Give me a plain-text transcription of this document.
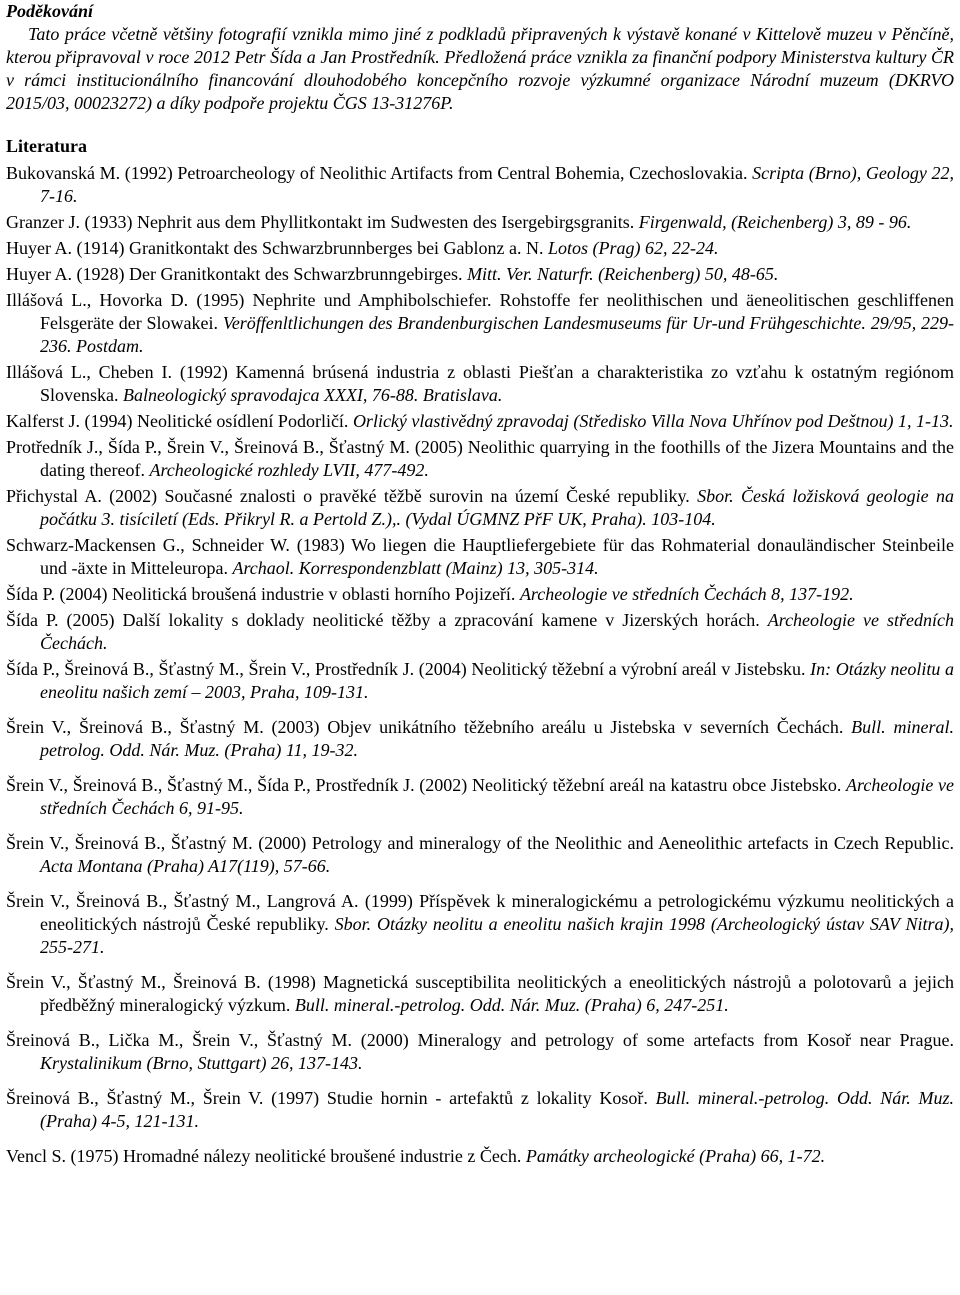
Poděkování

Tato práce včetně většiny fotografií vznikla mimo jiné z podkladů připravených k výstavě konané v Kittelově muzeu v Pěnčíně, kterou připravoval v roce 2012 Petr Šída a Jan Prostředník. Předložená práce vznikla za finanční podpory Ministerstva kultury ČR v rámci institucionálního financování dlouhodobého koncepčního rozvoje výzkumné organizace Národní muzeum (DKRVO 2015/03, 00023272) a díky podpoře projektu ČGS 13-31276P.

Literatura

Bukovanská M. (1992) Petroarcheology of Neolithic Artifacts from Central Bohemia, Czechoslovakia. Scripta (Brno), Geology 22, 7-16.
Granzer J. (1933) Nephrit aus dem Phyllitkontakt im Sudwesten des Isergebirgsgranits. Firgenwald, (Reichenberg) 3, 89 - 96.
Huyer A. (1914) Granitkontakt des Schwarzbrunnberges bei Gablonz a. N. Lotos (Prag) 62, 22-24.
Huyer A. (1928) Der Granitkontakt des Schwarzbrunngebirges. Mitt. Ver. Naturfr. (Reichenberg) 50, 48-65.
Illášová L., Hovorka D. (1995) Nephrite und Amphibolschiefer. Rohstoffe fer neolithischen und äeneolitischen geschliffenen Felsgeräte der Slowakei. Veröffenltlichungen des Brandenburgischen Landesmuseums für Ur-und Frühgeschichte. 29/95, 229-236. Postdam.
Illášová L., Cheben I. (1992) Kamenná brúsená industria z oblasti Piešťan a charakteristika zo vzťahu k ostatným regiónom Slovenska. Balneologický spravodajca XXXI, 76-88. Bratislava.
Kalferst J. (1994) Neolitické osídlení Podorličí. Orlický vlastivědný zpravodaj (Středisko Villa Nova Uhřínov pod Deštnou) 1, 1-13.
Protředník J., Šída P., Šrein V., Šreinová B., Šťastný M. (2005) Neolithic quarrying in the foothills of the Jizera Mountains and the dating thereof. Archeologické rozhledy LVII, 477-492.
Přichystal A. (2002) Současné znalosti o pravěké těžbě surovin na území České republiky. Sbor. Česká ložisková geologie na počátku 3. tisíciletí (Eds. Přikryl R. a Pertold Z.),. (Vydal ÚGMNZ PřF UK, Praha). 103-104.
Schwarz-Mackensen G., Schneider W. (1983) Wo liegen die Hauptliefergebiete für das Rohmaterial donauländischer Steinbeile und -äxte in Mitteleuropa. Archaol. Korrespondenzblatt (Mainz) 13, 305-314.
Šída P. (2004) Neolitická broušená industrie v oblasti horního Pojizeří. Archeologie ve středních Čechách 8, 137-192.
Šída P. (2005) Další lokality s doklady neolitické těžby a zpracování kamene v Jizerských horách. Archeologie ve středních Čechách.
Šída P., Šreinová B., Šťastný M., Šrein V., Prostředník J. (2004) Neolitický těžební a výrobní areál v Jistebsku. In: Otázky neolitu a eneolitu našich zemí – 2003, Praha, 109-131.
Šrein V., Šreinová B., Šťastný M. (2003) Objev unikátního těžebního areálu u Jistebska v severních Čechách. Bull. mineral. petrolog. Odd. Nár. Muz. (Praha) 11, 19-32.
Šrein V., Šreinová B., Šťastný M., Šída P., Prostředník J. (2002) Neolitický těžební areál na katastru obce Jistebsko. Archeologie ve středních Čechách 6, 91-95.
Šrein V., Šreinová B., Šťastný M. (2000) Petrology and mineralogy of the Neolithic and Aeneolithic artefacts in Czech Republic. Acta Montana (Praha) A17(119), 57-66.
Šrein V., Šreinová B., Šťastný M., Langrová A. (1999) Příspěvek k mineralogickému a petrologickému výzkumu neolitických a eneolitických nástrojů České republiky. Sbor. Otázky neolitu a eneolitu našich krajin 1998 (Archeologický ústav SAV Nitra), 255-271.
Šrein V., Šťastný M., Šreinová B. (1998) Magnetická susceptibilita neolitických a eneolitických nástrojů a polotovarů a jejich předběžný mineralogický výzkum. Bull. mineral.-petrolog. Odd. Nár. Muz. (Praha) 6, 247-251.
Šreinová B., Lička M., Šrein V., Šťastný M. (2000) Mineralogy and petrology of some artefacts from Kosoř near Prague. Krystalinikum (Brno, Stuttgart) 26, 137-143.
Šreinová B., Šťastný M., Šrein V. (1997) Studie hornin - artefaktů z lokality Kosoř. Bull. mineral.-petrolog. Odd. Nár. Muz. (Praha) 4-5, 121-131.
Vencl S. (1975) Hromadné nálezy neolitické broušené industrie z Čech. Památky archeologické (Praha) 66, 1-72.
